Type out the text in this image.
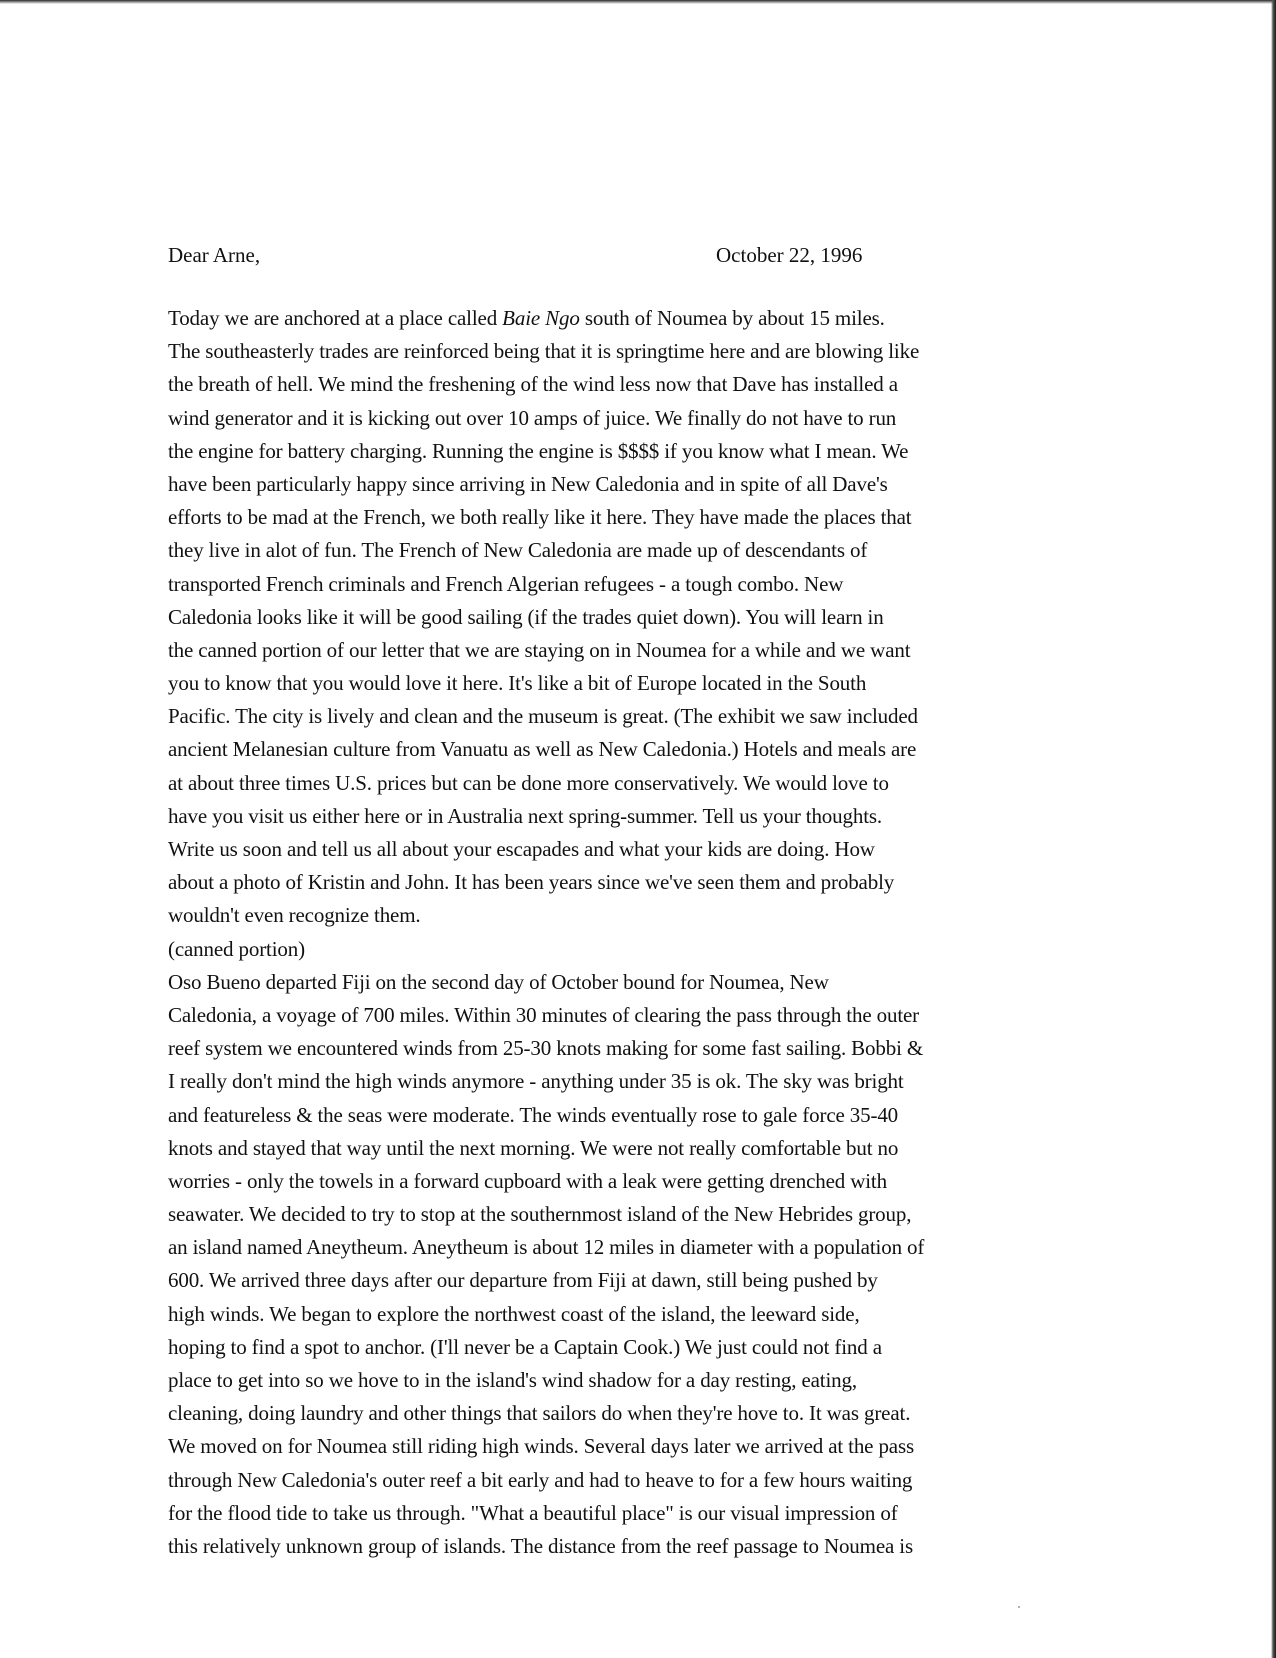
Dear Arne,	October 22, 1996
Today we are anchored at a place called Baie Ngo south of Noumea by about 15 miles.
The southeasterly trades are reinforced being that it is springtime here and are blowing like
the breath of hell. We mind the freshening of the wind less now that Dave has installed a
wind generator and it is kicking out over 10 amps of juice. We finally do not have to run
the engine for battery charging. Running the engine is $$$$ if you know what I mean. We
have been particularly happy since arriving in New Caledonia and in spite of all Dave's
efforts to be mad at the French, we both really like it here. They have made the places that
they live in alot of fun. The French of New Caledonia are made up of descendants of
transported French criminals and French Algerian refugees - a tough combo. New
Caledonia looks like it will be good sailing (if the trades quiet down). You will learn in
the canned portion of our letter that we are staying on in Noumea for a while and we want
you to know that you would love it here. It's like a bit of Europe located in the South
Pacific. The city is lively and clean and the museum is great. (The exhibit we saw included
ancient Melanesian culture from Vanuatu as well as New Caledonia.) Hotels and meals are
at about three times U.S. prices but can be done more conservatively. We would love to
have you visit us either here or in Australia next spring-summer. Tell us your thoughts.
Write us soon and tell us all about your escapades and what your kids are doing. How
about a photo of Kristin and John. It has been years since we've seen them and probably
wouldn't even recognize them.
(canned portion)
Oso Bueno departed Fiji on the second day of October bound for Noumea, New
Caledonia, a voyage of 700 miles. Within 30 minutes of clearing the pass through the outer
reef system we encountered winds from 25-30 knots making for some fast sailing. Bobbi &
I really don't mind the high winds anymore - anything under 35 is ok. The sky was bright
and featureless & the seas were moderate. The winds eventually rose to gale force 35-40
knots and stayed that way until the next morning. We were not really comfortable but no
worries - only the towels in a forward cupboard with a leak were getting drenched with
seawater. We decided to try to stop at the southernmost island of the New Hebrides group,
an island named Aneytheum. Aneytheum is about 12 miles in diameter with a population of
600. We arrived three days after our departure from Fiji at dawn, still being pushed by
high winds. We began to explore the northwest coast of the island, the leeward side,
hoping to find a spot to anchor. (I'll never be a Captain Cook.) We just could not find a
place to get into so we hove to in the island's wind shadow for a day resting, eating,
cleaning, doing laundry and other things that sailors do when they're hove to. It was great.
We moved on for Noumea still riding high winds. Several days later we arrived at the pass
through New Caledonia's outer reef a bit early and had to heave to for a few hours waiting
for the flood tide to take us through. "What a beautiful place" is our visual impression of
this relatively unknown group of islands. The distance from the reef passage to Noumea is
